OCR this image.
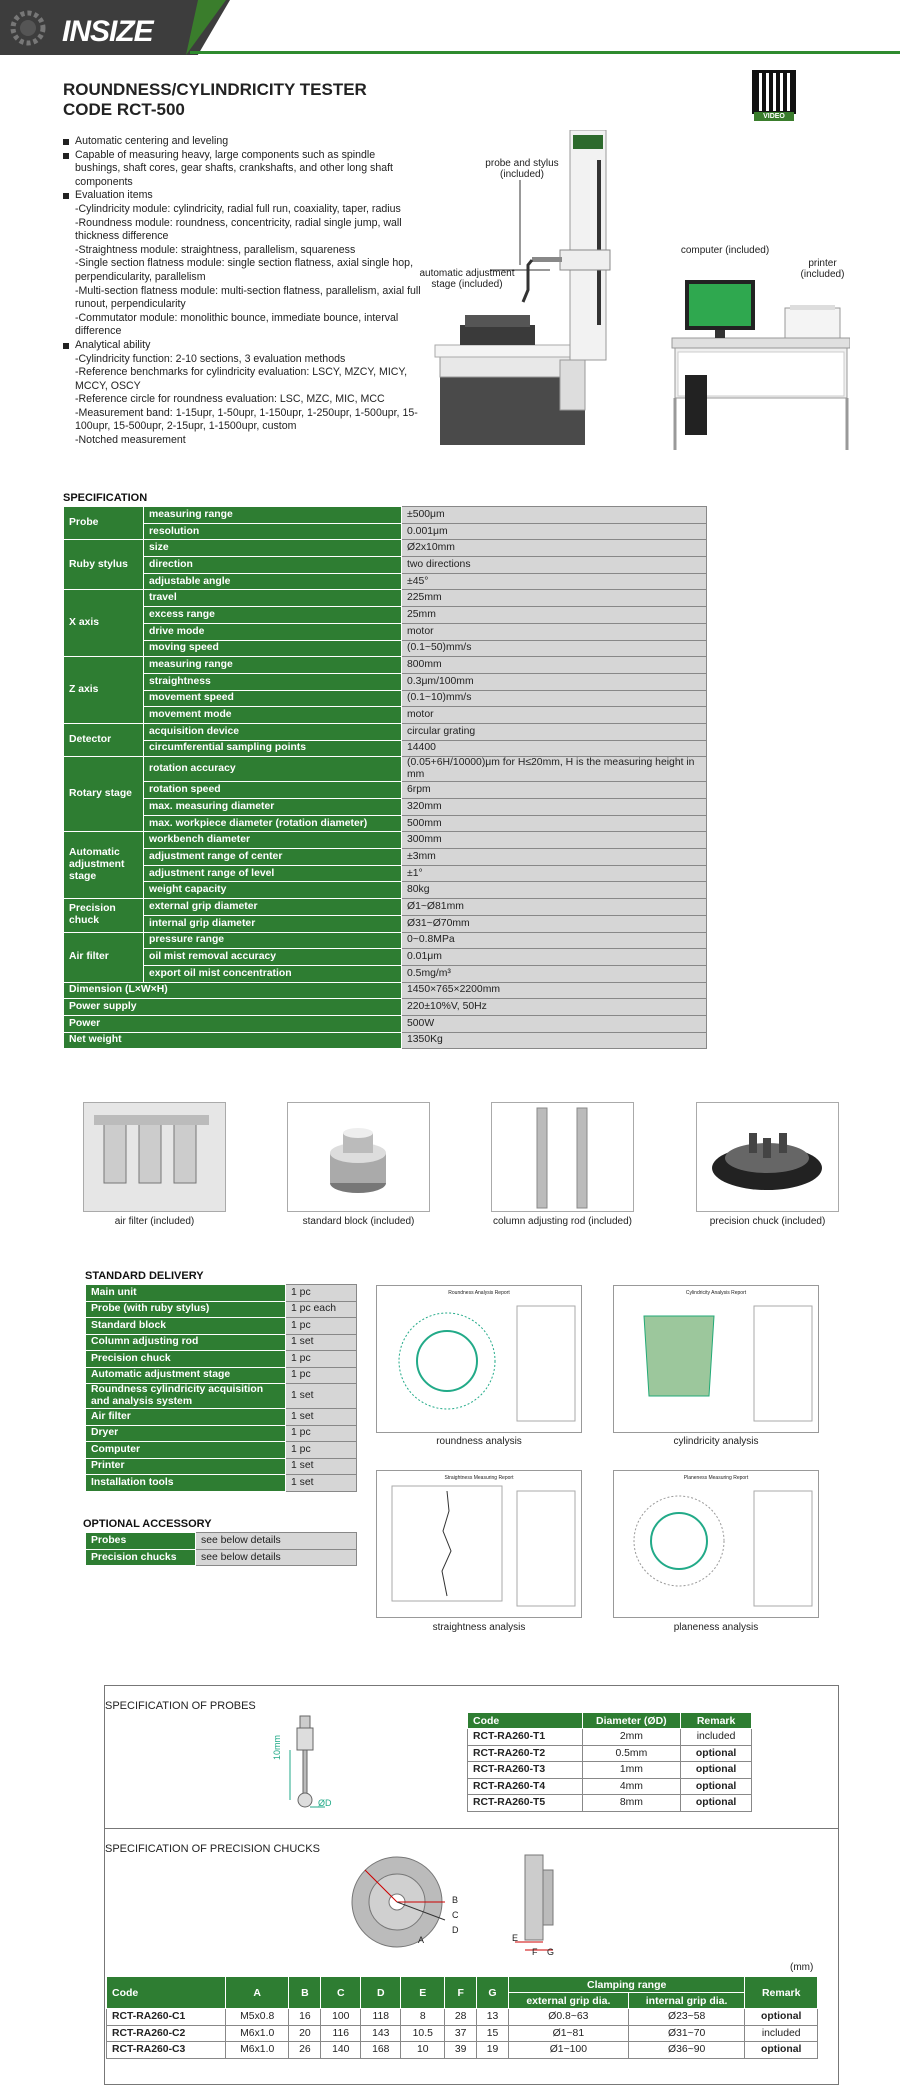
INSIZE
ROUNDNESS/CYLINDRICITY TESTER
CODE RCT-500	VIDEO
Automatic centering and leveling
Capable of measuring heavy, large components such as spindle bushings, shaft cores, gear shafts, crankshafts, and other long shaft components
Evaluation items
-Cylindricity module: cylindricity, radial full run, coaxiality, taper, radius
-Roundness module: roundness, concentricity, radial single jump, wall thickness difference
-Straightness module: straightness, parallelism, squareness
-Single section flatness module: single section flatness, axial single hop, perpendicularity, parallelism
-Multi-section flatness module: multi-section flatness, parallelism, axial full runout, perpendicularity
-Commutator module: monolithic bounce, immediate bounce, interval difference
Analytical ability
-Cylindricity function: 2-10 sections, 3 evaluation methods
-Reference benchmarks for cylindricity evaluation: LSCY, MZCY, MICY, MCCY, OSCY
-Reference circle for roundness evaluation: LSC, MZC, MIC, MCC
-Measurement band: 1-15upr, 1-50upr, 1-150upr, 1-250upr, 1-500upr, 15-100upr, 15-500upr, 2-15upr, 1-1500upr, custom
-Notched measurement
probe and stylus (included)
automatic adjustment stage (included)
computer (included)
printer (included)
SPECIFICATION
Probe	measuring range	±500μm
	resolution	0.001μm
Ruby stylus	size	Ø2x10mm
	direction	two directions
	adjustable angle	±45°
X axis	travel	225mm
	excess range	25mm
	drive mode	motor
	moving speed	(0.1~50)mm/s
Z axis	measuring range	800mm
	straightness	0.3μm/100mm
	movement speed	(0.1~10)mm/s
	movement mode	motor
Detector	acquisition device	circular grating
	circumferential sampling points	14400
Rotary stage	rotation accuracy	(0.05+6H/10000)μm for H≤20mm, H is the measuring height in mm
	rotation speed	6rpm
	max. measuring diameter	320mm
	max. workpiece diameter (rotation diameter)	500mm
Automatic adjustment stage	workbench diameter	300mm
	adjustment range of center	±3mm
	adjustment range of level	±1°
	weight capacity	80kg
Precision chuck	external grip diameter	Ø1~Ø81mm
	internal grip diameter	Ø31~Ø70mm
Air filter	pressure range	0~0.8MPa
	oil mist removal accuracy	0.01μm
	export oil mist concentration	0.5mg/m³
Dimension (L×W×H)		1450×765×2200mm
Power supply		220±10%V, 50Hz
Power		500W
Net weight		1350Kg
air filter (included)	standard block (included)	column adjusting rod (included)	precision chuck (included)
STANDARD DELIVERY
Main unit	1 pc
Probe (with ruby stylus)	1 pc each
Standard block	1 pc
Column adjusting rod	1 set
Precision chuck	1 pc
Automatic adjustment stage	1 pc
Roundness cylindricity acquisition and analysis system	1 set
Air filter	1 set
Dryer	1 pc
Computer	1 pc
Printer	1 set
Installation tools	1 set
OPTIONAL ACCESSORY
Probes	see below details
Precision chucks	see below details
Roundness Analysis Report	Cylindricity Analysis Report
roundness analysis	cylindricity analysis
Straightness Measuring Report	Planeness Measuring Report
straightness analysis	planeness analysis
SPECIFICATION OF PROBES
10mm
ØD
Code	Diameter (ØD)	Remark
RCT-RA260-T1	2mm	included
RCT-RA260-T2	0.5mm	optional
RCT-RA260-T3	1mm	optional
RCT-RA260-T4	4mm	optional
RCT-RA260-T5	8mm	optional
SPECIFICATION OF PRECISION CHUCKS
B
C
D
A	E
F G
(mm)
Code	A	B	C	D	E	F	G	Clamping range		Remark
								external grip dia.	internal grip dia.	
RCT-RA260-C1	M5x0.8	16	100	118	8	28	13	Ø0.8~63	Ø23~58	optional
RCT-RA260-C2	M6x1.0	20	116	143	10.5	37	15	Ø1~81	Ø31~70	included
RCT-RA260-C3	M6x1.0	26	140	168	10	39	19	Ø1~100	Ø36~90	optional
